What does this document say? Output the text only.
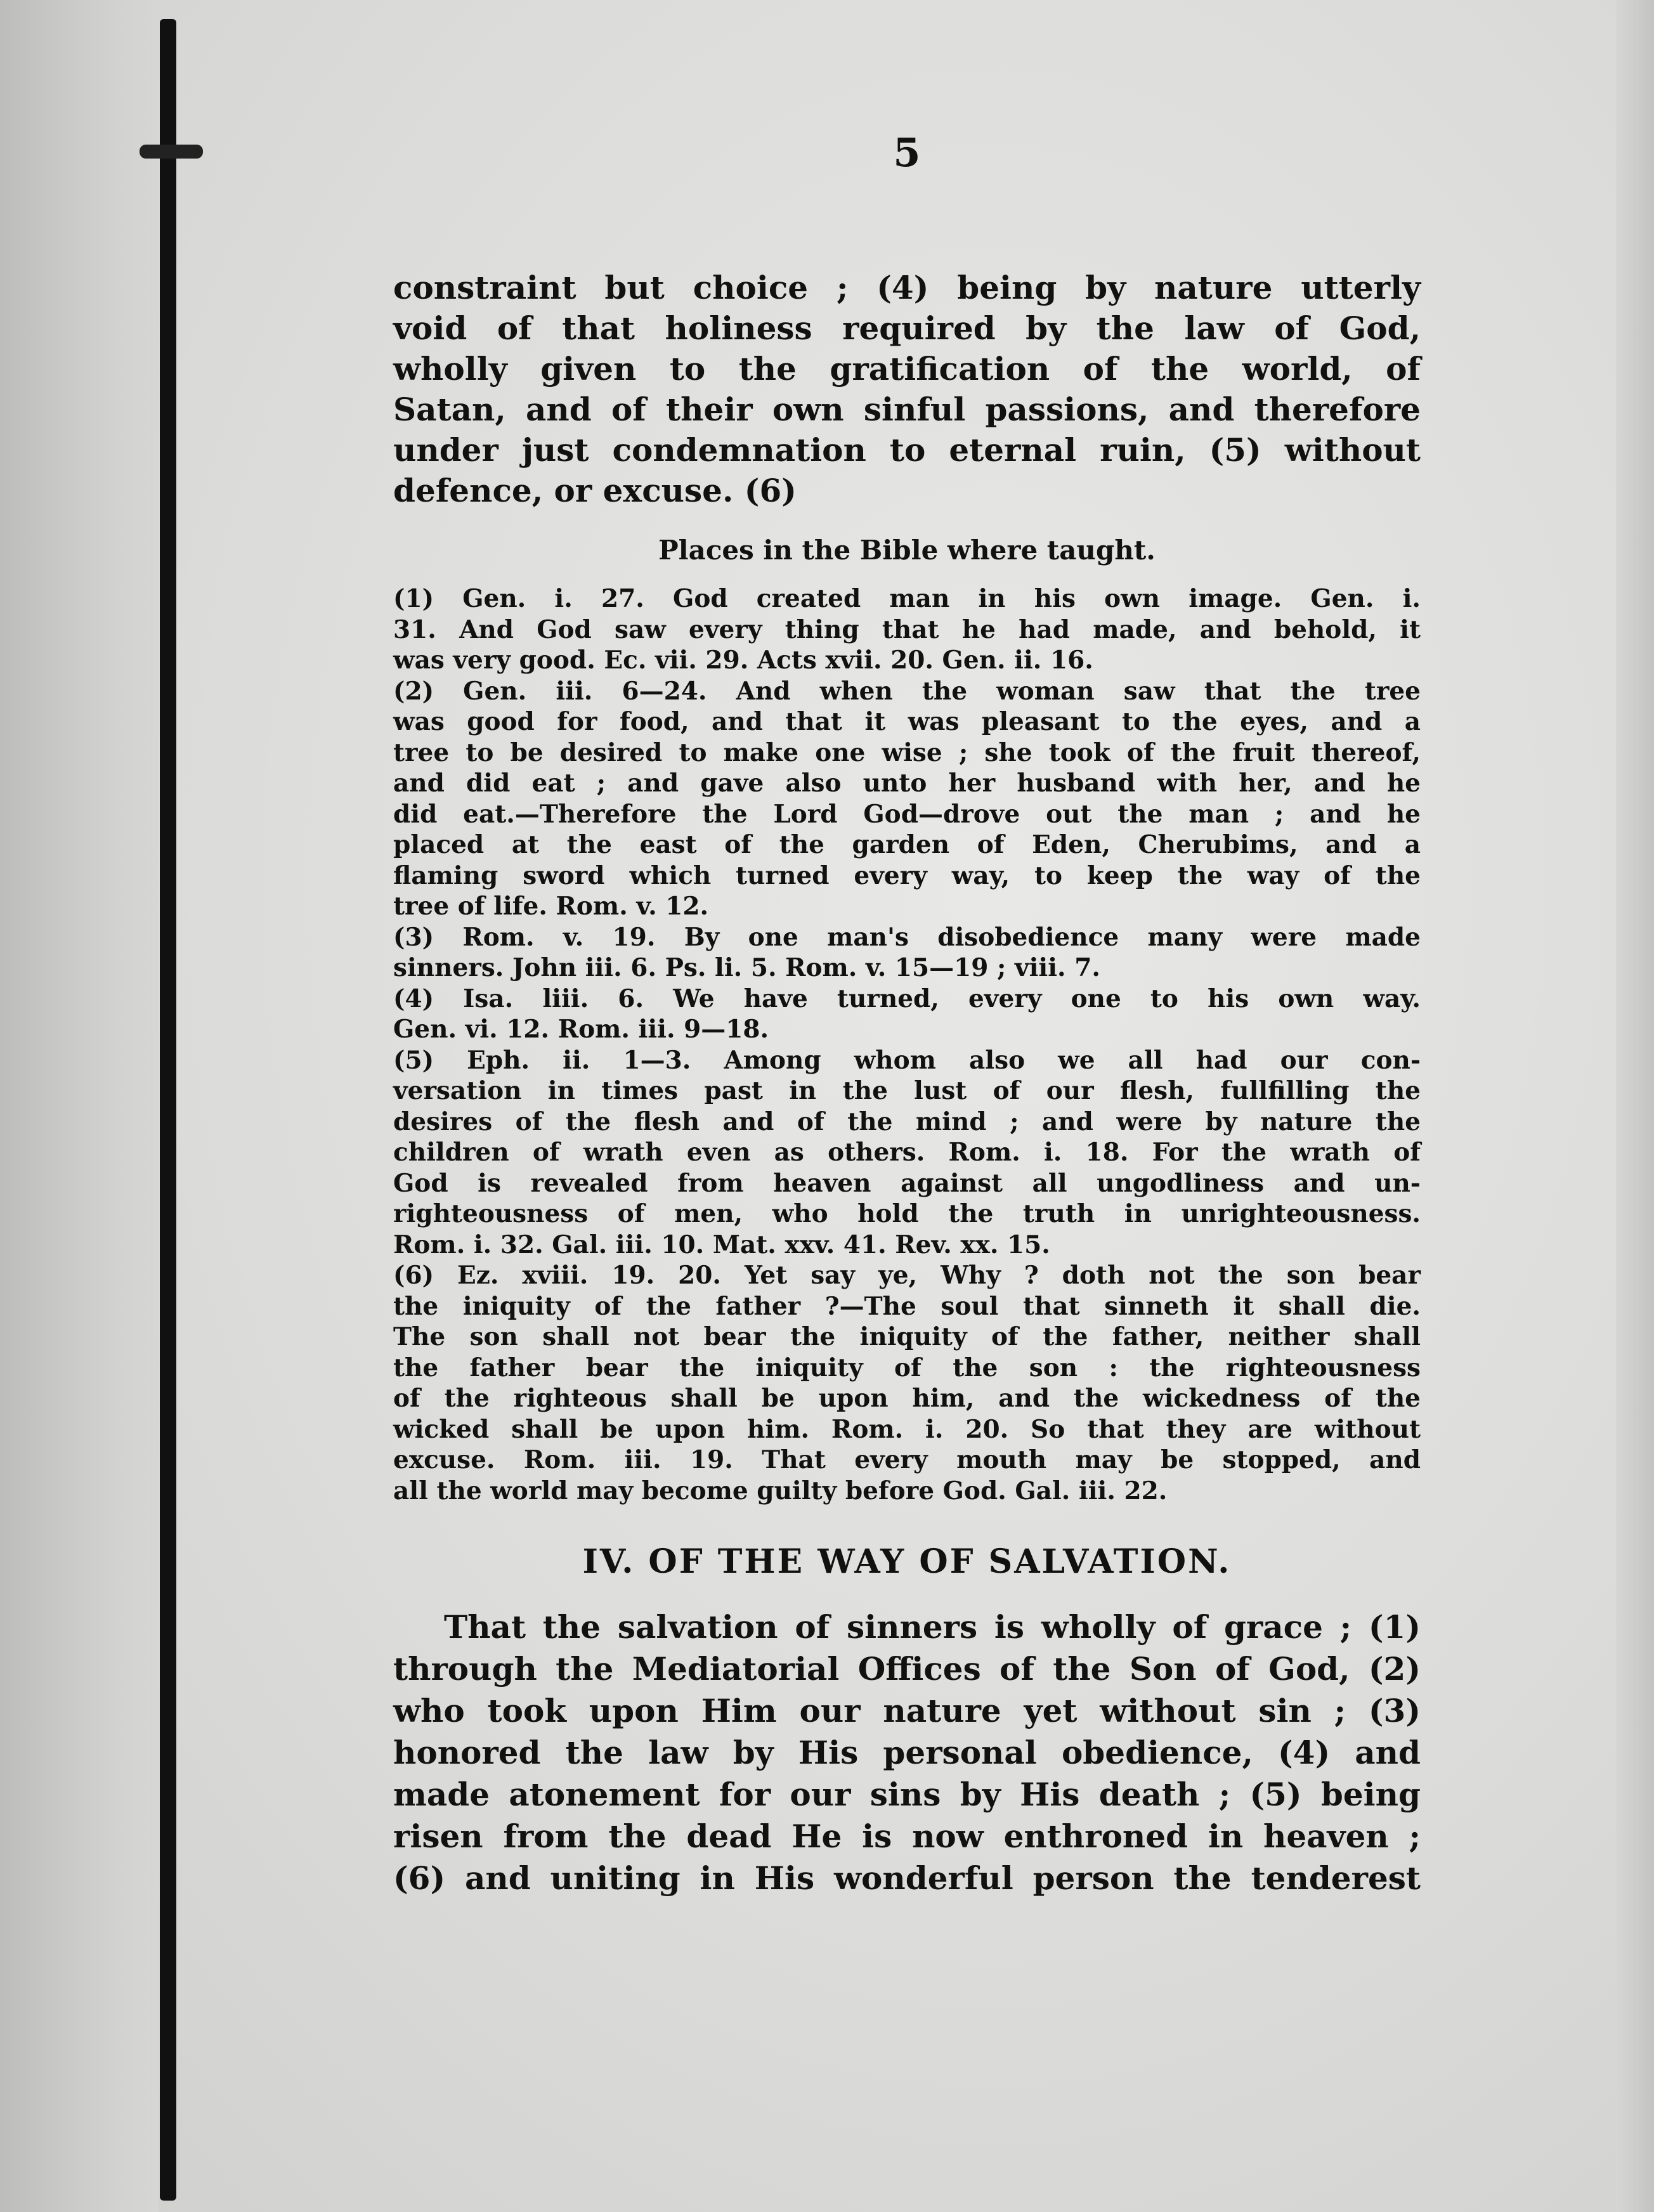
5

constraint but choice ; (4) being by nature utterly

void of that holiness required by the law of God,

wholly given to the gratification of the world, of

Satan, and of their own sinful passions, and therefore

under just condemnation to eternal ruin, (5) without

defence, or excuse. (6)

Places in the Bible where taught.

(1) Gen. i. 27. God created man in his own image. Gen. i.
31. And God saw every thing that he had made, and behold, it
was very good. Ec. vii. 29. Acts xvii. 20. Gen. ii. 16.

(2) Gen. iii. 6—24. And when the woman saw that the tree
was good for food, and that it was pleasant to the eyes, and a
tree to be desired to make one wise ; she took of the fruit thereof,
and did eat ; and gave also unto her husband with her, and he
did eat.—Therefore the Lord God—drove out the man ; and he
placed at the east of the garden of Eden, Cherubims, and a
flaming sword which turned every way, to keep the way of the
tree of life. Rom. v. 12.

(3) Rom. v. 19. By one man's disobedience many were made
sinners. John iii. 6. Ps. li. 5. Rom. v. 15—19 ; viii. 7.

(4) Isa. liii. 6. We have turned, every one to his own way.
Gen. vi. 12. Rom. iii. 9—18.

(5) Eph. ii. 1—3. Among whom also we all had our con-
versation in times past in the lust of our flesh, fullfilling the
desires of the flesh and of the mind ; and were by nature the
children of wrath even as others. Rom. i. 18. For the wrath of
God is revealed from heaven against all ungodliness and un-
righteousness of men, who hold the truth in unrighteousness.
Rom. i. 32. Gal. iii. 10. Mat. xxv. 41. Rev. xx. 15.

(6) Ez. xviii. 19. 20. Yet say ye, Why ? doth not the son bear
the iniquity of the father ?—The soul that sinneth it shall die.
The son shall not bear the iniquity of the father, neither shall
the father bear the iniquity of the son : the righteousness
of the righteous shall be upon him, and the wickedness of the
wicked shall be upon him. Rom. i. 20. So that they are without
excuse. Rom. iii. 19. That every mouth may be stopped, and
all the world may become guilty before God. Gal. iii. 22.

IV. OF THE WAY OF SALVATION.

That the salvation of sinners is wholly of grace ; (1)
through the Mediatorial Offices of the Son of God, (2)
who took upon Him our nature yet without sin ; (3)
honored the law by His personal obedience, (4) and
made atonement for our sins by His death ; (5) being
risen from the dead He is now enthroned in heaven ;
(6) and uniting in His wonderful person the tenderest
